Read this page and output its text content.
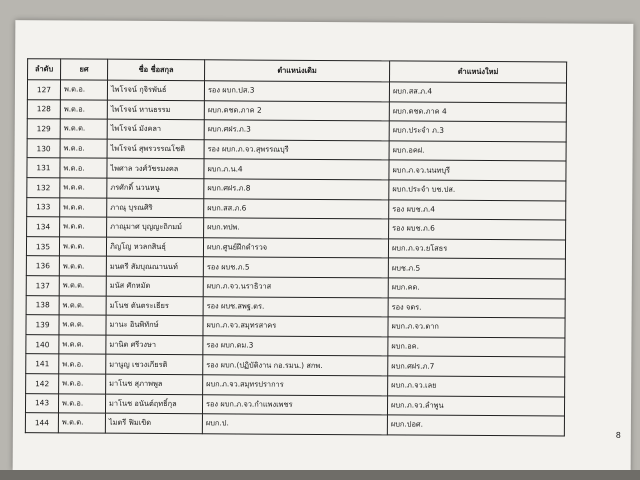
ลำดับ	ยศ	ชื่อ ชื่อสกุล	ตำแหน่งเดิม	ตำแหน่งใหม่
127	พ.ต.อ.	ไพโรจน์ กุจิรพันธ์	รอง ผบก.ปส.3	ผบก.สส.ภ.4
128	พ.ต.อ.	ไพโรจน์ หานธรรม	ผบก.ตชด.ภาค 2	ผบก.ตชด.ภาค 4
129	พ.ต.ต.	ไพโรจน์ มังคลา	ผบก.ศฝร.ภ.3	ผบก.ประจำ ภ.3
130	พ.ต.อ.	ไพโรจน์ สุพรวรรณโชติ	รอง ผบก.ภ.จว.สุพรรณบุรี	ผบก.อคฝ.
131	พ.ต.อ.	ไพศาล วงศ์วัชรมงคล	ผบก.ภ.น.4	ผบก.ภ.จว.นนทบุรี
132	พ.ต.ต.	ภรศักดิ์ นวนหนู	ผบก.ศฝร.ภ.8	ผบก.ประจำ บช.ปส.
133	พ.ต.ต.	ภาณุ บุรณศิริ	ผบก.สส.ภ.6	รอง ผบช.ภ.4
134	พ.ต.ต.	ภาณุมาศ บุญญะถิกมม์	ผบก.ทปพ.	รอง ผบช.ภ.6
135	พ.ต.ต.	ภิญโญ หวลกสินธุ์	ผบก.ศูนย์ฝึกตำรวจ	ผบก.ภ.จว.ยโสธร
136	พ.ต.ต.	มนตรี สัมบุณณานนท์	รอง ผบช.ภ.5	ผบช.ภ.5
137	พ.ต.ต.	มนัส ศักหมัด	ผบก.ภ.จว.นราธิวาส	ผบก.คด.
138	พ.ต.ต.	มโนช ตันตระเธียร	รอง ผบช.สพฐ.ตร.	รอง จตร.
139	พ.ต.ต.	มานะ อินพิทักษ์	ผบก.ภ.จว.สมุทรสาคร	ผบก.ภ.จว.ตาก
140	พ.ต.ต.	มานิต ศรีวงษา	รอง ผบก.ตม.3	ผบก.อค.
141	พ.ต.อ.	มานูญ เชวงเกียรติ	รอง ผบก.(ปฏิบัติงาน กอ.รมน.) สกพ.	ผบก.ศฝร.ภ.7
142	พ.ต.อ.	มาโนช สุภาพพูล	ผบก.ภ.จว.สมุทรปราการ	ผบก.ภ.จว.เลย
143	พ.ต.อ.	มาโนช อนันต์ฤทธิ์กุล	รอง ผบก.ภ.จว.กำแพงเพชร	ผบก.ภ.จว.ลำพูน
144	พ.ต.ต.	ไมตรี ฟิมเขิด	ผบก.ป.	ผบก.ปอศ.
8
